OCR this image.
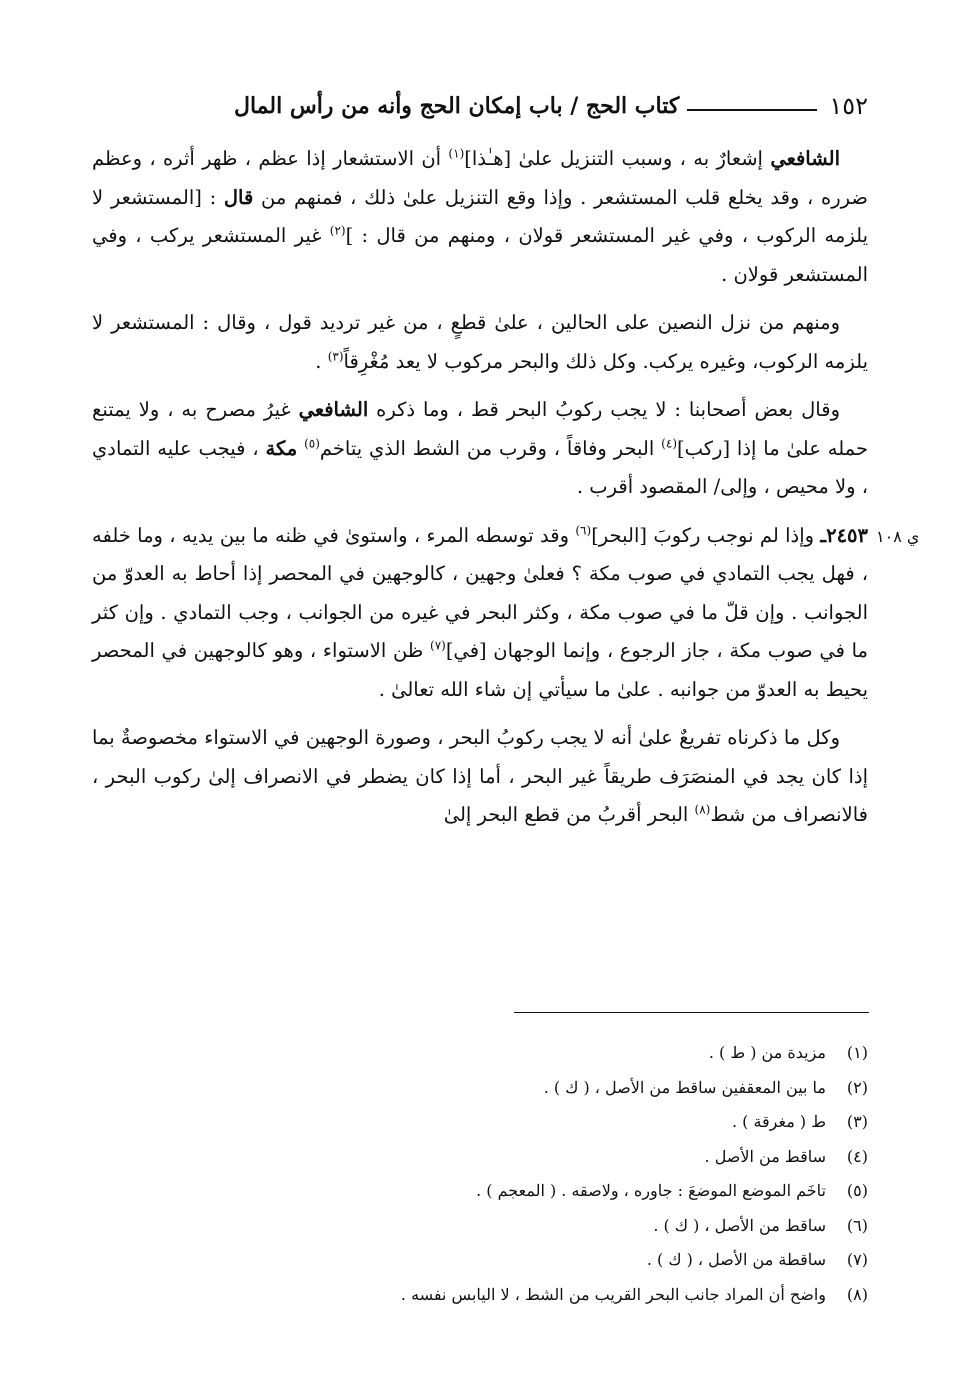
١٥٢
كتاب الحج / باب إمكان الحج وأنه من رأس المال

الشافعي إشعارٌ به ، وسبب التنزيل علىٰ [هـٰذا]$^{(١)}$ أن الاستشعار إذا عظم ، ظهر أثره ، وعظم ضرره ، وقد يخلع قلب المستشعر . وإذا وقع التنزيل علىٰ ذلك ، فمنهم من قال : [المستشعر لا يلزمه الركوب ، وفي غير المستشعر قولان ، ومنهم من قال : ]$^{(٢)}$ غير المستشعر يركب ، وفي المستشعر قولان .

ومنهم من نزل النصين على الحالين ، علىٰ قطعٍ ، من غير ترديد قول ، وقال : المستشعر لا يلزمه الركوب، وغيره يركب. وكل ذلك والبحر مركوب لا يعد مُغْرِقاً$^{(٣)}$ .

وقال بعض أصحابنا : لا يجب ركوبُ البحر قط ، وما ذكره الشافعي غيرُ مصرح به ، ولا يمتنع حمله علىٰ ما إذا [ركب]$^{(٤)}$ البحر وفاقاً ، وقرب من الشط الذي يتاخم$^{(٥)}$ مكة ، فيجب عليه التمادي ، ولا محيص ، وإلى/ المقصود أقرب .

٢٤٥٣ـ وإذا لم نوجب ركوبَ [البحر]$^{(٦)}$ وقد توسطه المرء ، واستوىٰ في ظنه ما بين يديه ، وما خلفه ، فهل يجب التمادي في صوب مكة ؟ فعلىٰ وجهين ، كالوجهين في المحصر إذا أحاط به العدوّ من الجوانب . وإن قلّ ما في صوب مكة ، وكثر البحر في غيره من الجوانب ، وجب التمادي . وإن كثر ما في صوب مكة ، جاز الرجوع ، وإنما الوجهان [في]$^{(٧)}$ ظن الاستواء ، وهو كالوجهين في المحصر يحيط به العدوّ من جوانبه . علىٰ ما سيأتي إن شاء الله تعالىٰ .

وكل ما ذكرناه تفريعٌ علىٰ أنه لا يجب ركوبُ البحر ، وصورة الوجهين في الاستواء مخصوصةٌ بما إذا كان يجد في المنصَرَف طريقاً غير البحر ، أما إذا كان يضطر في الانصراف إلىٰ ركوب البحر ، فالانصراف من شط$^{(٨)}$ البحر أقربُ من قطع البحر إلىٰ

ي ١٠٨
(١)
مزيدة من ( ط ) .
(٢)
ما بين المعقفين ساقط من الأصل ، ( ك ) .
(٣)
ط ( مغرقة ) .
(٤)
ساقط من الأصل .
(٥)
تاخَم الموضع الموضعَ : جاوره ، ولاصقه . ( المعجم ) .
(٦)
ساقط من الأصل ، ( ك ) .
(٧)
ساقطة من الأصل ، ( ك ) .
(٨)
واضح أن المراد جانب البحر القريب من الشط ، لا اليابس نفسه .
